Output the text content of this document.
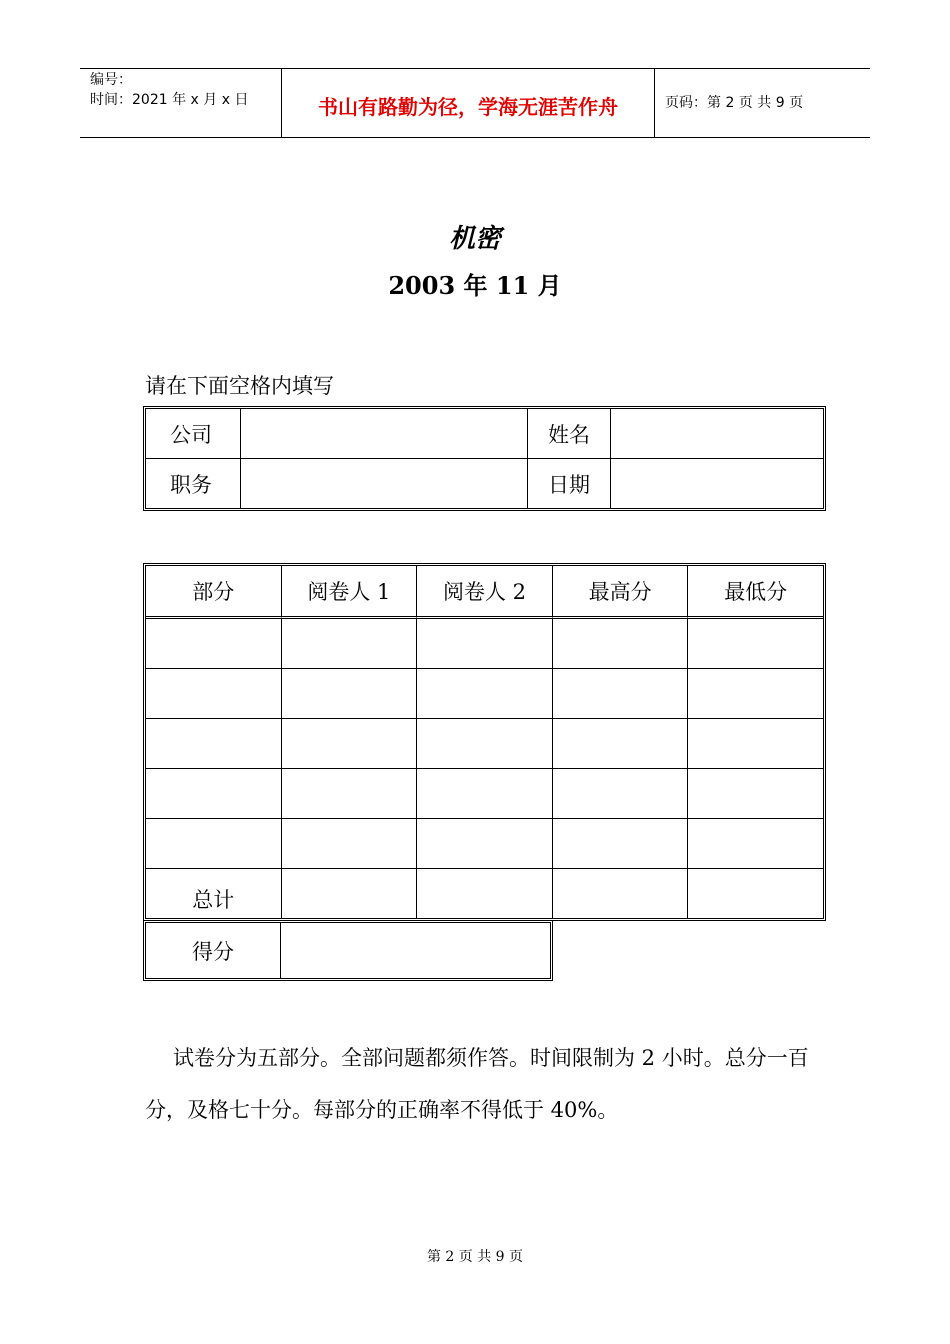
编号：
时间：2021 年 x 月 x 日	书山有路勤为径，学海无涯苦作舟	页码：第 2 页 共 9 页
机密
2003 年 11 月
请在下面空格内填写
公司		姓名	
职务		日期	
部分	阅卷人 1	阅卷人 2	最高分	最低分

总计				
得分	
试卷分为五部分。全部问题都须作答。时间限制为 2 小时。总分一百分，及格七十分。每部分的正确率不得低于 40%。
第 2 页 共 9 页
